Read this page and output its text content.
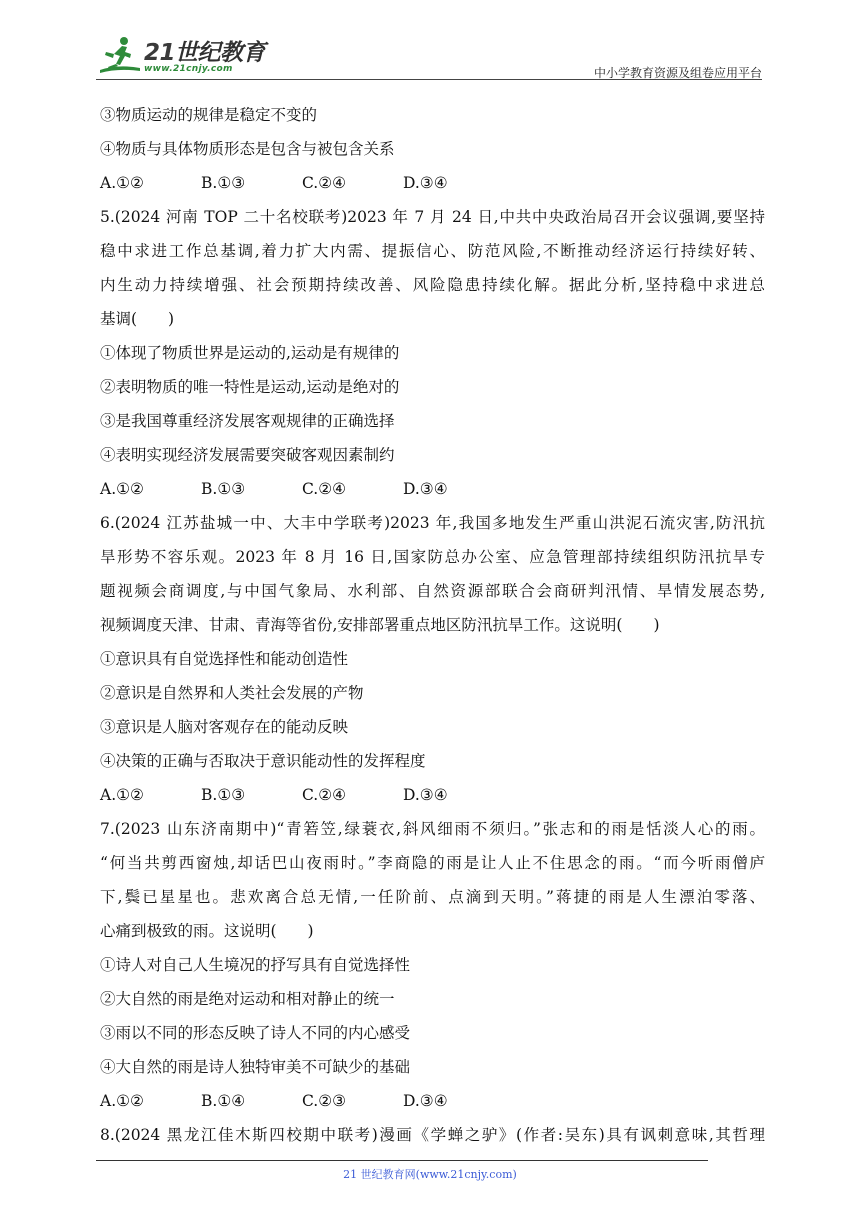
21世纪教育
www.21cnjy.com	中小学教育资源及组卷应用平台
③物质运动的规律是稳定不变的
④物质与具体物质形态是包含与被包含关系
A.①②	B.①③	C.②④	D.③④
5.(2024 河南 TOP 二十名校联考)2023 年 7 月 24 日,中共中央政治局召开会议强调,要坚持
稳中求进工作总基调,着力扩大内需、提振信心、防范风险,不断推动经济运行持续好转、
内生动力持续增强、社会预期持续改善、风险隐患持续化解。据此分析,坚持稳中求进总
基调(　　)
①体现了物质世界是运动的,运动是有规律的
②表明物质的唯一特性是运动,运动是绝对的
③是我国尊重经济发展客观规律的正确选择
④表明实现经济发展需要突破客观因素制约
A.①②	B.①③	C.②④	D.③④
6.(2024 江苏盐城一中、大丰中学联考)2023 年,我国多地发生严重山洪泥石流灾害,防汛抗
旱形势不容乐观。2023 年 8 月 16 日,国家防总办公室、应急管理部持续组织防汛抗旱专
题视频会商调度,与中国气象局、水利部、自然资源部联合会商研判汛情、旱情发展态势,
视频调度天津、甘肃、青海等省份,安排部署重点地区防汛抗旱工作。这说明(　　)
①意识具有自觉选择性和能动创造性
②意识是自然界和人类社会发展的产物
③意识是人脑对客观存在的能动反映
④决策的正确与否取决于意识能动性的发挥程度
A.①②	B.①③	C.②④	D.③④
7.(2023 山东济南期中)“青箬笠,绿蓑衣,斜风细雨不须归。”张志和的雨是恬淡人心的雨。
“何当共剪西窗烛,却话巴山夜雨时。”李商隐的雨是让人止不住思念的雨。“而今听雨僧庐
下,鬓已星星也。悲欢离合总无情,一任阶前、点滴到天明。”蒋捷的雨是人生漂泊零落、
心痛到极致的雨。这说明(　　)
①诗人对自己人生境况的抒写具有自觉选择性
②大自然的雨是绝对运动和相对静止的统一
③雨以不同的形态反映了诗人不同的内心感受
④大自然的雨是诗人独特审美不可缺少的基础
A.①②	B.①④	C.②③	D.③④
8.(2024 黑龙江佳木斯四校期中联考)漫画《学蝉之驴》(作者:吴东)具有讽刺意味,其哲理
21 世纪教育网(www.21cnjy.com)
